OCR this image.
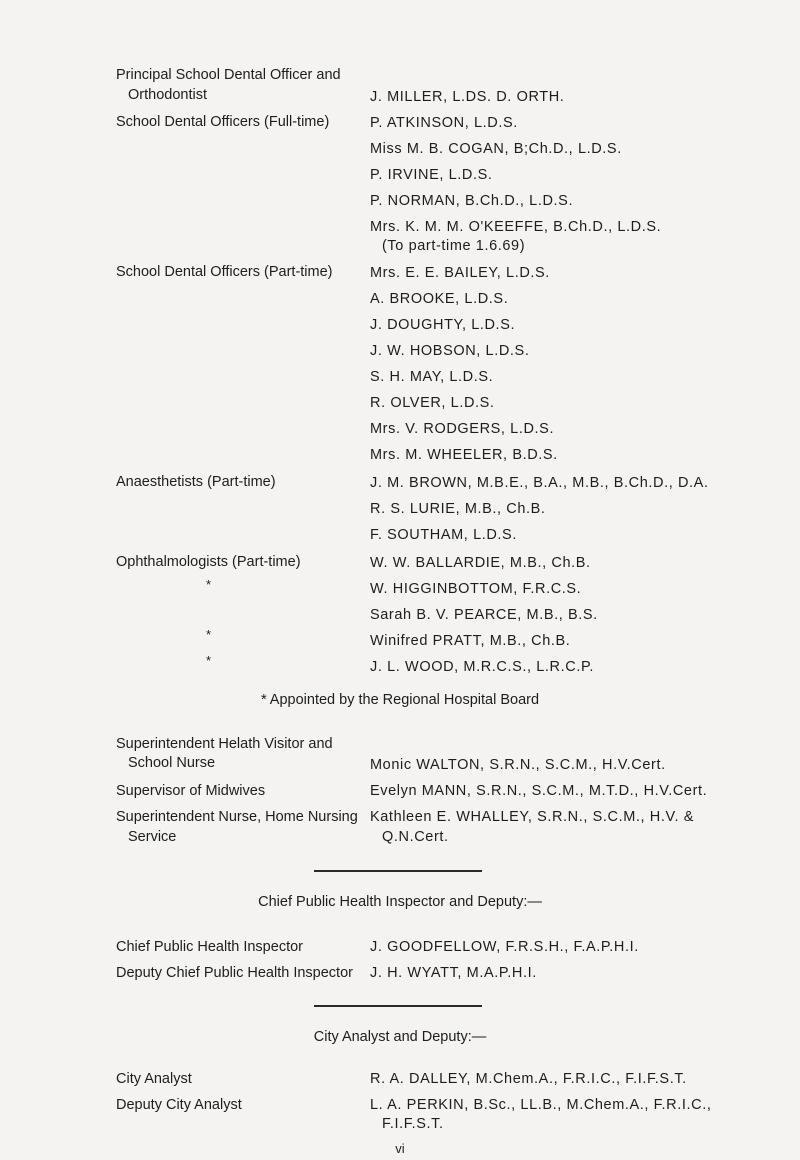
Principal School Dental Officer and
Orthodontist	J. MILLER, L.DS. D. ORTH.
School Dental Officers (Full-time)	P. ATKINSON, L.D.S.
Miss M. B. COGAN, B;Ch.D., L.D.S.
P. IRVINE, L.D.S.
P. NORMAN, B.Ch.D., L.D.S.
Mrs. K. M. M. O'KEEFFE, B.Ch.D., L.D.S.
(To part-time 1.6.69)
School Dental Officers (Part-time)	Mrs. E. E. BAILEY, L.D.S.
A. BROOKE, L.D.S.
J. DOUGHTY, L.D.S.
J. W. HOBSON, L.D.S.
S. H. MAY, L.D.S.
R. OLVER, L.D.S.
Mrs. V. RODGERS, L.D.S.
Mrs. M. WHEELER, B.D.S.
Anaesthetists (Part-time)	J. M. BROWN, M.B.E., B.A., M.B., B.Ch.D., D.A.
R. S. LURIE, M.B., Ch.B.
F. SOUTHAM, L.D.S.
Ophthalmologists (Part-time)	W. W. BALLARDIE, M.B., Ch.B.
*	W. HIGGINBOTTOM, F.R.C.S.
Sarah B. V. PEARCE, M.B., B.S.
*	Winifred PRATT, M.B., Ch.B.
*	J. L. WOOD, M.R.C.S., L.R.C.P.
* Appointed by the Regional Hospital Board
Superintendent Helath Visitor and
School Nurse	Monic WALTON, S.R.N., S.C.M., H.V.Cert.
Supervisor of Midwives	Evelyn MANN, S.R.N., S.C.M., M.T.D., H.V.Cert.
Superintendent Nurse, Home Nursing
Service
Kathleen E. WHALLEY, S.R.N., S.C.M., H.V. &
Q.N.Cert.
Chief Public Health Inspector and Deputy:—
Chief Public Health Inspector	J. GOODFELLOW, F.R.S.H., F.A.P.H.I.
Deputy Chief Public Health Inspector J. H. WYATT, M.A.P.H.I.
City Analyst and Deputy:—
City Analyst	R. A. DALLEY, M.Chem.A., F.R.I.C., F.I.F.S.T.
Deputy City Analyst	L. A. PERKIN, B.Sc., LL.B., M.Chem.A., F.R.I.C.,
F.I.F.S.T.
vi
